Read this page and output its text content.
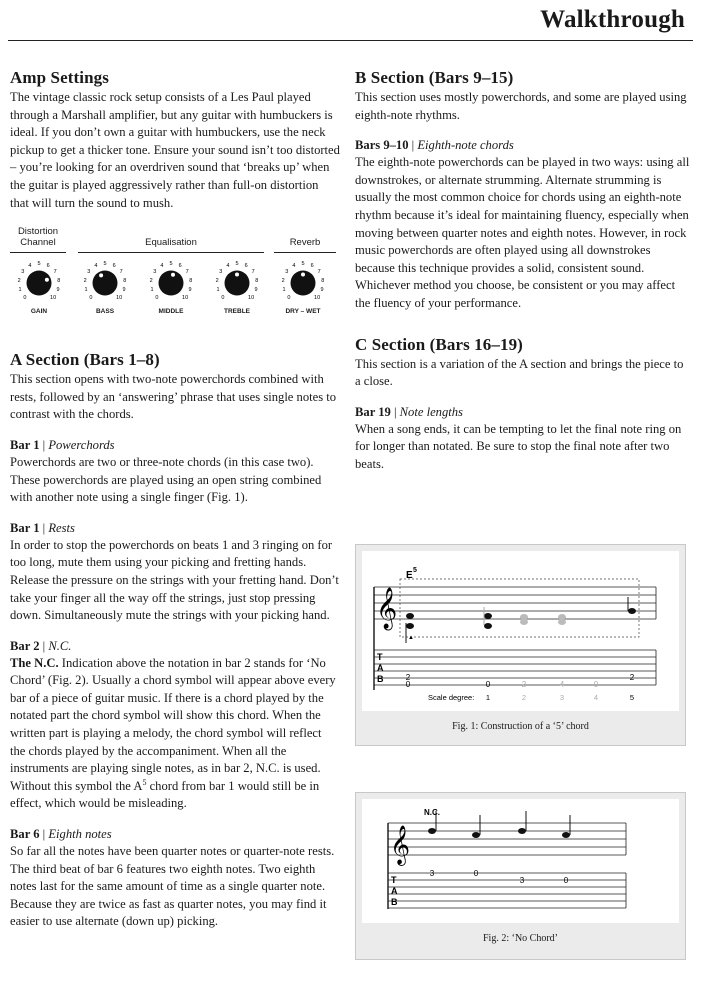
Walkthrough
Amp Settings

The vintage classic rock setup consists of a Les Paul played through a Marshall amplifier, but any guitar with humbuckers is ideal. If you don’t own a guitar with humbuckers, use the neck pickup to get a thicker tone. Ensure your sound isn’t too distorted – you’re looking for an overdriven sound that ‘breaks up’ when the guitar is played aggressively rather than full-on distortion that will turn the sound to mush.

Distortion Channel	Equalisation	Reverb
0
1
2
3
4 5 6
7
8
9
10
GAIN
0
1
2
3
4 5 6
7
8
9
10
BASS
0
1
2
3
4 5 6
7
8
9
10
MIDDLE
0
1
2
3
4 5 6
7
8
9
10
TREBLE
0
1
2
3
4 5 6
7
8
9
10
DRY – WET
A Section (Bars 1–8)

This section opens with two-note powerchords combined with rests, followed by an ‘answering’ phrase that uses single notes to contrast with the chords.

Bar 1 | Powerchords

Powerchords are two or three-note chords (in this case two). These powerchords are played using an open string combined with another note using a single finger (Fig. 1).

Bar 1 | Rests

In order to stop the powerchords on beats 1 and 3 ringing on for too long, mute them using your picking and fretting hands. Release the pressure on the strings with your fretting hand. Don’t take your finger all the way off the strings, just stop pressing down. Simultaneously mute the strings with your picking hand.

Bar 2 | N.C.

The N.C. Indication above the notation in bar 2 stands for ‘No Chord’ (Fig. 2). Usually a chord symbol will appear above every bar of a piece of guitar music. If there is a chord played by the notated part the chord symbol will show this chord. When the written part is playing a melody, the chord symbol will reflect the chords played by the accompaniment. When all the instruments are playing single notes, as in bar 2, N.C. is used. Without this symbol the $A^5$ chord from bar 1 would still be in effect, which would be misleading.

Bar 6 | Eighth notes

So far all the notes have been quarter notes or quarter-note rests. The third beat of bar 6 features two eighth notes. Two eighth notes last for the same amount of time as a single quarter note. Because they are twice as fast as quarter notes, you may find it easier to use alternate (down up) picking.

B Section (Bars 9–15)

This section uses mostly powerchords, and some are played using eighth-note rhythms.

Bars 9–10 | Eighth-note chords

The eighth-note powerchords can be played in two ways: using all downstrokes, or alternate strumming. Alternate strumming is usually the most common choice for chords using an eighth-note rhythm because it’s ideal for maintaining fluency, especially when moving between quarter notes and eighth notes. However, in rock music powerchords are often played using all downstrokes because this technique provides a solid, consistent sound. Whichever method you choose, be consistent or you may affect the fluency of your performance.

C Section (Bars 16–19)

This section is a variation of the A section and brings the piece to a close.

Bar 19 | Note lengths

When a song ends, it can be tempting to let the final note ring on for longer than notated. Be sure to stop the final note after two beats.

𝄞
E 5
▲
T
A
B	2
0	0	2	4	0
2
Scale degree: 1	2	3	4	5
Fig. 1: Construction of a ‘5’ chord
𝄞
N.C.
T
A
B
3	0
3	0
Fig. 2: ‘No Chord’
